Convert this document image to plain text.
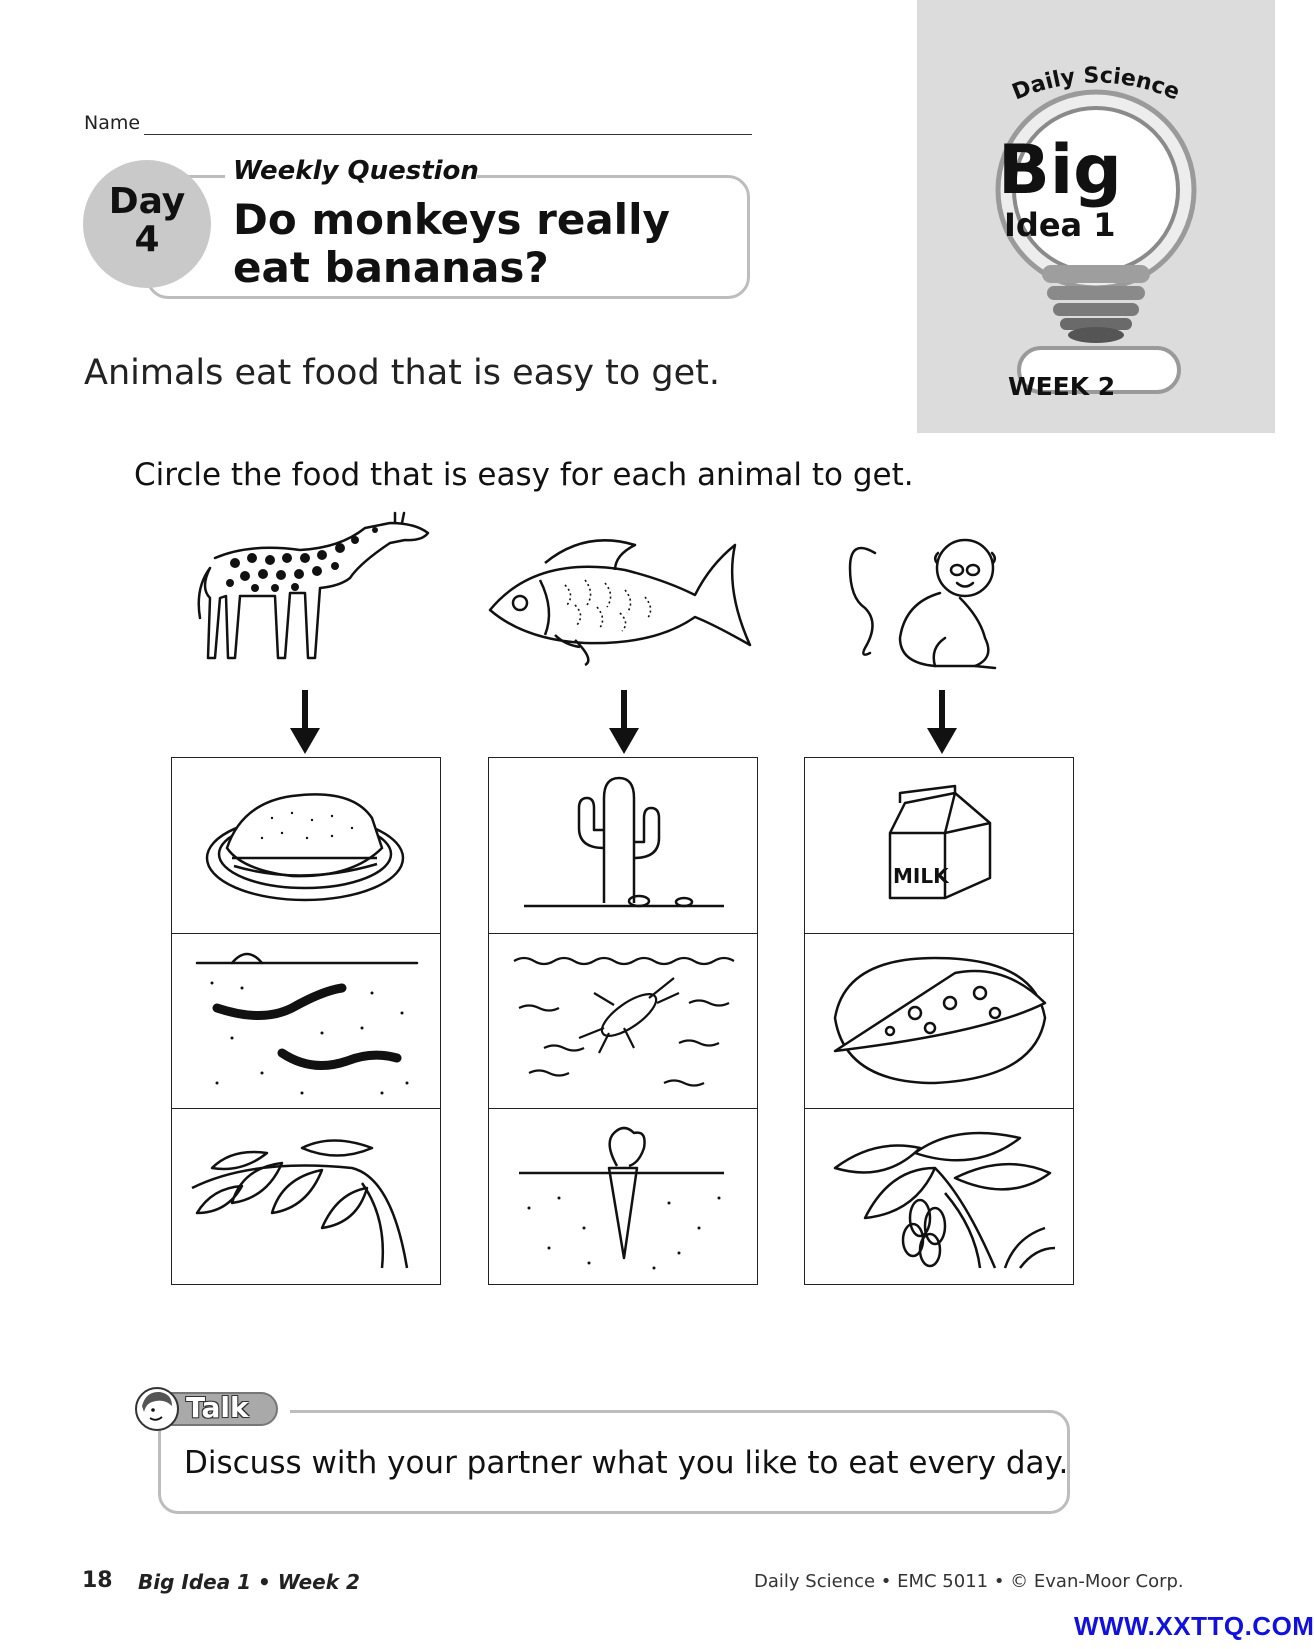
Name
Weekly Question
Day
4	Do monkeys really eat bananas?
Daily Science
Big
Idea 1
WEEK 2
Animals eat food that is easy to get.
Circle the food that is easy for each animal to get.
MILK
Talk
Discuss with your partner what you like to eat every day.
18 Big Idea 1 • Week 2	Daily Science • EMC 5011 • © Evan-Moor Corp.
WWW.XXTTQ.COM
